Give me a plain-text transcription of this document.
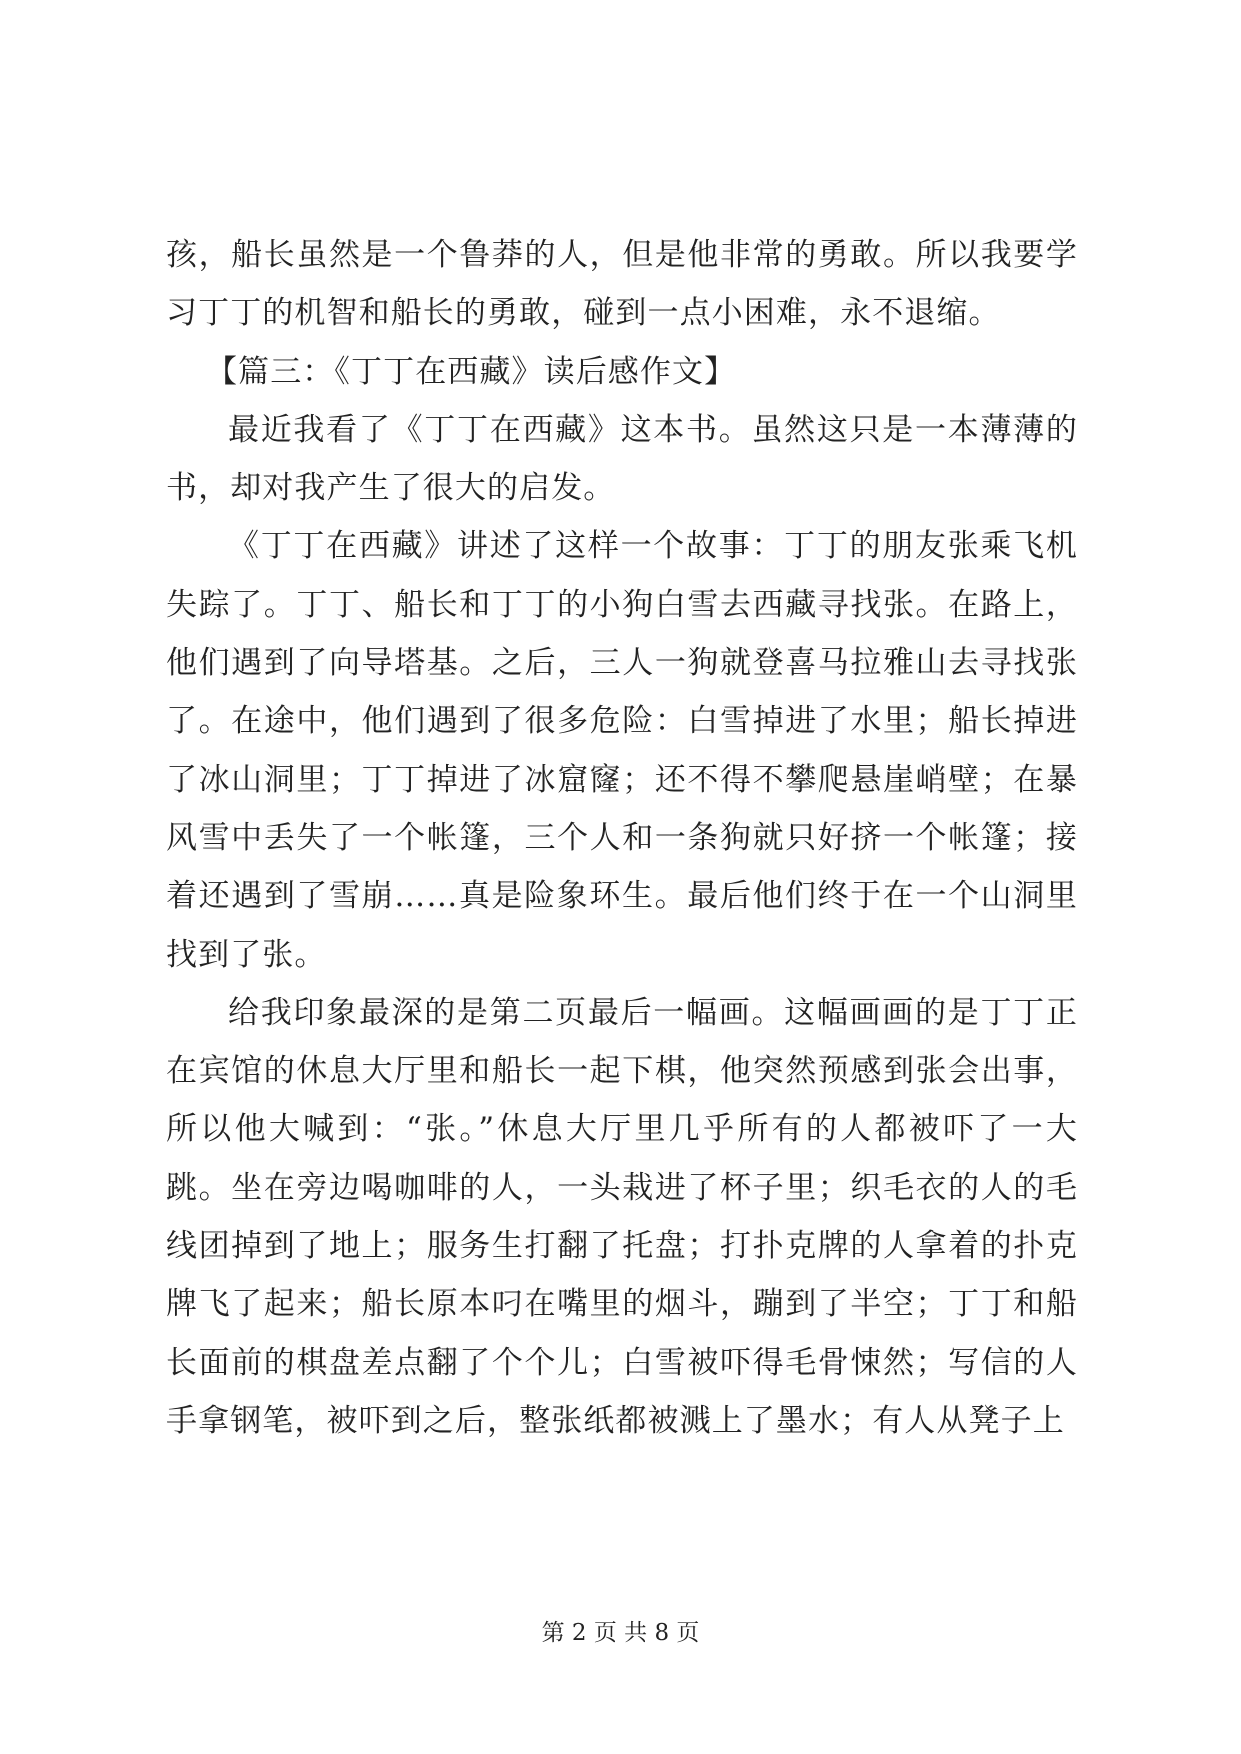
孩，船长虽然是一个鲁莽的人，但是他非常的勇敢。所以我要学习丁丁的机智和船长的勇敢，碰到一点小困难，永不退缩。

【篇三：《丁丁在西藏》读后感作文】

最近我看了《丁丁在西藏》这本书。虽然这只是一本薄薄的书，却对我产生了很大的启发。

《丁丁在西藏》讲述了这样一个故事：丁丁的朋友张乘飞机失踪了。丁丁、船长和丁丁的小狗白雪去西藏寻找张。在路上，他们遇到了向导塔基。之后，三人一狗就登喜马拉雅山去寻找张了。在途中，他们遇到了很多危险：白雪掉进了水里；船长掉进了冰山洞里；丁丁掉进了冰窟窿；还不得不攀爬悬崖峭壁；在暴风雪中丢失了一个帐篷，三个人和一条狗就只好挤一个帐篷；接着还遇到了雪崩……真是险象环生。最后他们终于在一个山洞里找到了张。

给我印象最深的是第二页最后一幅画。这幅画画的是丁丁正在宾馆的休息大厅里和船长一起下棋，他突然预感到张会出事，所以他大喊到：“张。”休息大厅里几乎所有的人都被吓了一大跳。坐在旁边喝咖啡的人，一头栽进了杯子里；织毛衣的人的毛线团掉到了地上；服务生打翻了托盘；打扑克牌的人拿着的扑克牌飞了起来；船长原本叼在嘴里的烟斗，蹦到了半空；丁丁和船长面前的棋盘差点翻了个个儿；白雪被吓得毛骨悚然；写信的人手拿钢笔，被吓到之后，整张纸都被溅上了墨水；有人从凳子上

第 2 页 共 8 页
